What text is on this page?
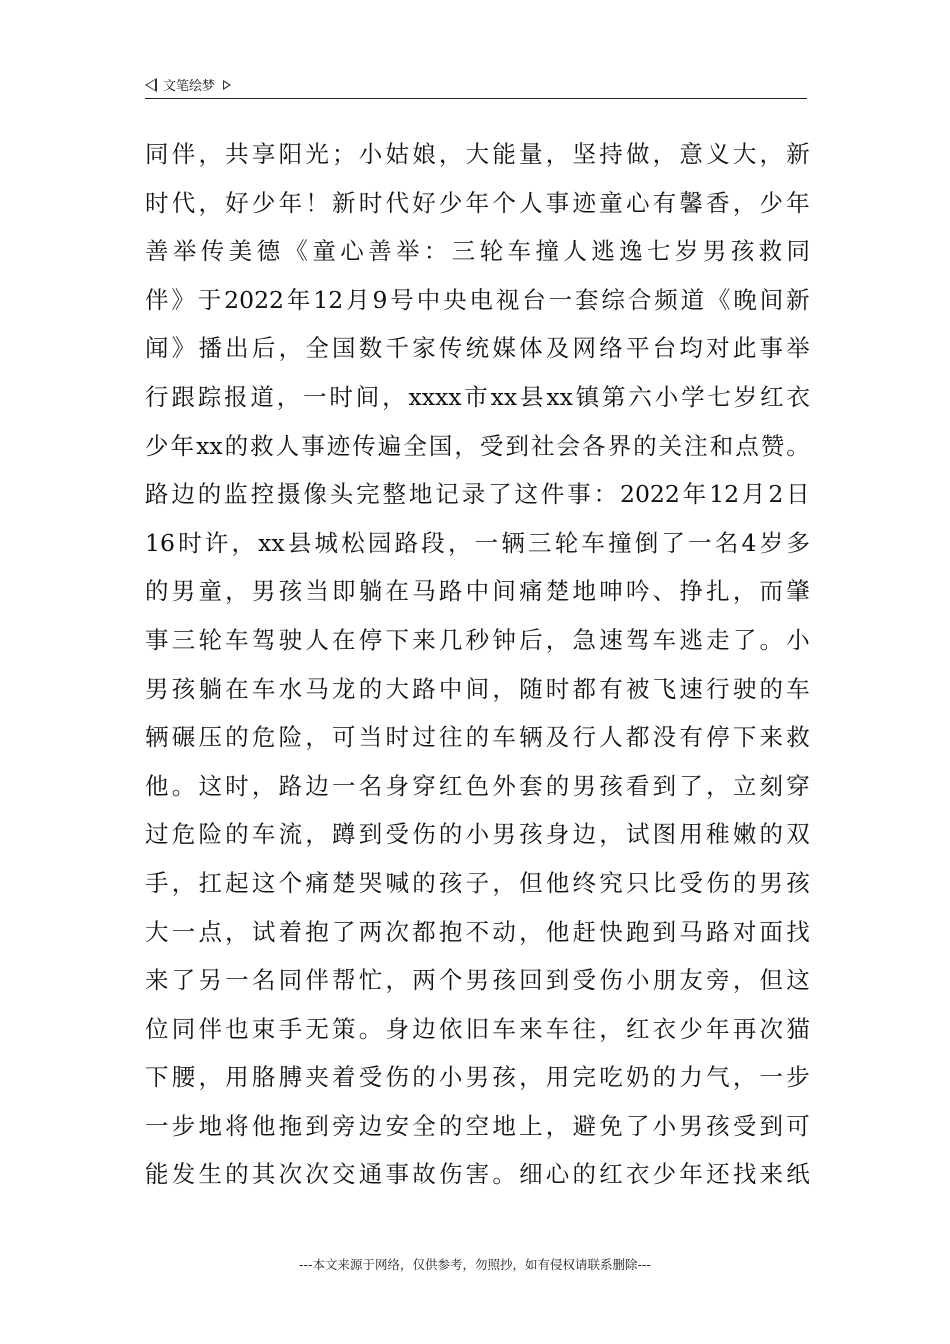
文笔绘梦
同 伴 ， 共 享 阳 光 ； 小 姑 娘 ， 大 能 量 ， 坚 持 做 ， 意 义 大 ， 新
时 代 ， 好 少 年 ！ 新 时 代 好 少 年 个 人 事 迹 童 心 有 馨 香 ， 少 年
善 举 传 美 德 《 童 心 善 举 ： 三 轮 车 撞 人 逃 逸 七 岁 男 孩 救 同
伴 》 于 2022 年 12 月 9 号 中 央 电 视 台 一 套 综 合 频 道 《 晚 间 新
闻 》 播 出 后 ， 全 国 数 千 家 传 统 媒 体 及 网 络 平 台 均 对 此 事 举
行 跟 踪 报 道 ， 一 时 间 ， xxxx 市 xx 县 xx 镇 第 六 小 学 七 岁 红 衣
少 年 xx 的 救 人 事 迹 传 遍 全 国 ， 受 到 社 会 各 界 的 关 注 和 点 赞 。
路 边 的 监 控 摄 像 头 完 整 地 记 录 了 这 件 事 ： 2022 年 12 月 2 日
16 时 许 ， xx 县 城 松 园 路 段 ， 一 辆 三 轮 车 撞 倒 了 一 名 4 岁 多
的 男 童 ， 男 孩 当 即 躺 在 马 路 中 间 痛 楚 地 呻 吟 、 挣 扎 ， 而 肇
事 三 轮 车 驾 驶 人 在 停 下 来 几 秒 钟 后 ， 急 速 驾 车 逃 走 了 。 小
男 孩 躺 在 车 水 马 龙 的 大 路 中 间 ， 随 时 都 有 被 飞 速 行 驶 的 车
辆 碾 压 的 危 险 ， 可 当 时 过 往 的 车 辆 及 行 人 都 没 有 停 下 来 救
他 。 这 时 ， 路 边 一 名 身 穿 红 色 外 套 的 男 孩 看 到 了 ， 立 刻 穿
过 危 险 的 车 流 ， 蹲 到 受 伤 的 小 男 孩 身 边 ， 试 图 用 稚 嫩 的 双
手 ， 扛 起 这 个 痛 楚 哭 喊 的 孩 子 ， 但 他 终 究 只 比 受 伤 的 男 孩
大 一 点 ， 试 着 抱 了 两 次 都 抱 不 动 ， 他 赶 快 跑 到 马 路 对 面 找
来 了 另 一 名 同 伴 帮 忙 ， 两 个 男 孩 回 到 受 伤 小 朋 友 旁 ， 但 这
位 同 伴 也 束 手 无 策 。 身 边 依 旧 车 来 车 往 ， 红 衣 少 年 再 次 猫
下 腰 ， 用 胳 膊 夹 着 受 伤 的 小 男 孩 ， 用 完 吃 奶 的 力 气 ， 一 步
一 步 地 将 他 拖 到 旁 边 安 全 的 空 地 上 ， 避 免 了 小 男 孩 受 到 可
能 发 生 的 其 次 次 交 通 事 故 伤 害 。 细 心 的 红 衣 少 年 还 找 来 纸
---本文来源于网络，仅供参考，勿照抄，如有侵权请联系删除---
